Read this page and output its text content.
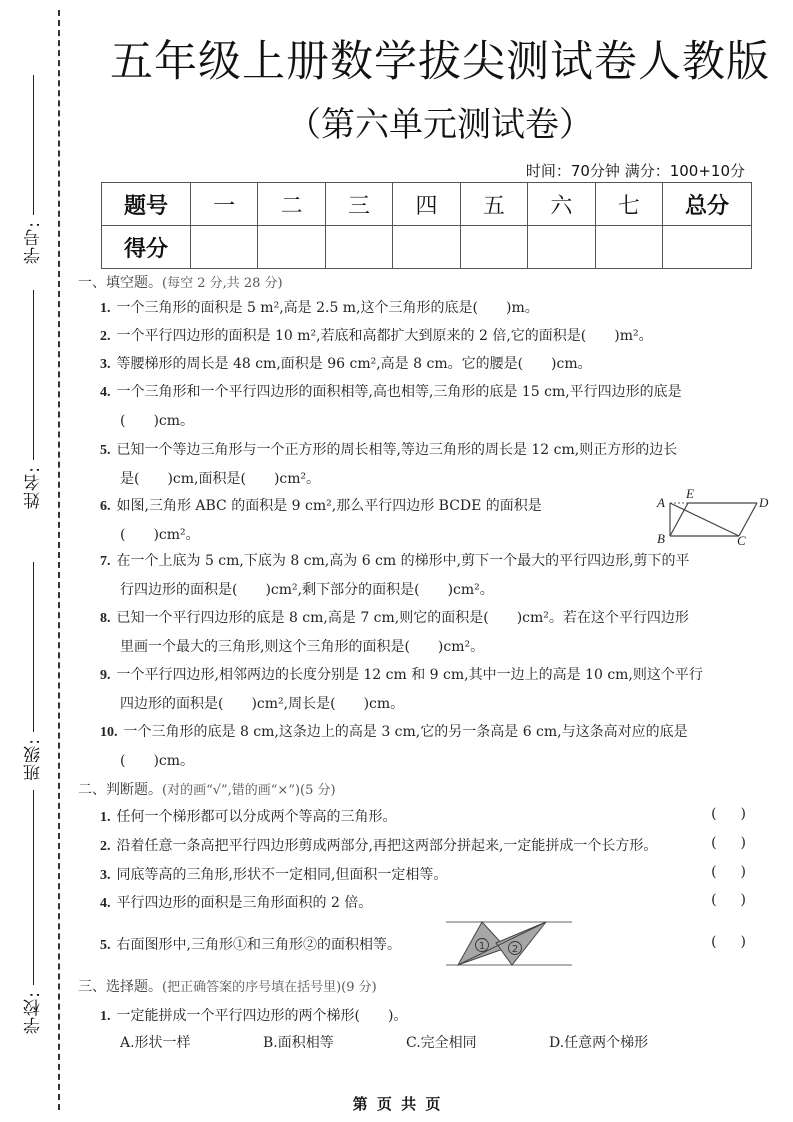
学号:
姓名:
班级:
学校:
五年级上册数学拔尖测试卷人教版
（第六单元测试卷）
时间：70分钟 满分：100+10分
题号	一	二	三	四	五	六	七	总分
得分								
一、填空题。(每空 2 分,共 28 分)
1. 一个三角形的面积是 5 m²,高是 2.5 m,这个三角形的底是(　　)m。
2. 一个平行四边形的面积是 10 m²,若底和高都扩大到原来的 2 倍,它的面积是(　　)m²。
3. 等腰梯形的周长是 48 cm,面积是 96 cm²,高是 8 cm。它的腰是(　　)cm。
4. 一个三角形和一个平行四边形的面积相等,高也相等,三角形的底是 15 cm,平行四边形的底是
(　　)cm。
5. 已知一个等边三角形与一个正方形的周长相等,等边三角形的周长是 12 cm,则正方形的边长
是(　　)cm,面积是(　　)cm²。
6. 如图,三角形 ABC 的面积是 9 cm²,那么平行四边形 BCDE 的面积是
(　　)cm²。
A
E
D
B	C
7. 在一个上底为 5 cm,下底为 8 cm,高为 6 cm 的梯形中,剪下一个最大的平行四边形,剪下的平
行四边形的面积是(　　)cm²,剩下部分的面积是(　　)cm²。
8. 已知一个平行四边形的底是 8 cm,高是 7 cm,则它的面积是(　　)cm²。若在这个平行四边形
里画一个最大的三角形,则这个三角形的面积是(　　)cm²。
9. 一个平行四边形,相邻两边的长度分别是 12 cm 和 9 cm,其中一边上的高是 10 cm,则这个平行
四边形的面积是(　　)cm²,周长是(　　)cm。
10. 一个三角形的底是 8 cm,这条边上的高是 3 cm,它的另一条高是 6 cm,与这条高对应的底是
(　　)cm。
二、判断题。(对的画“√”,错的画“×”)(5 分)
1. 任何一个梯形都可以分成两个等高的三角形。	()
2. 沿着任意一条高把平行四边形剪成两部分,再把这两部分拼起来,一定能拼成一个长方形。	()
3. 同底等高的三角形,形状不一定相同,但面积一定相等。	()
4. 平行四边形的面积是三角形面积的 2 倍。	()
5. 右面图形中,三角形①和三角形②的面积相等。	()
1	2
三、选择题。(把正确答案的序号填在括号里)(9 分)
1. 一定能拼成一个平行四边形的两个梯形(　　)。
A.形状一样	B.面积相等	C.完全相同	D.任意两个梯形
第 页 共 页
